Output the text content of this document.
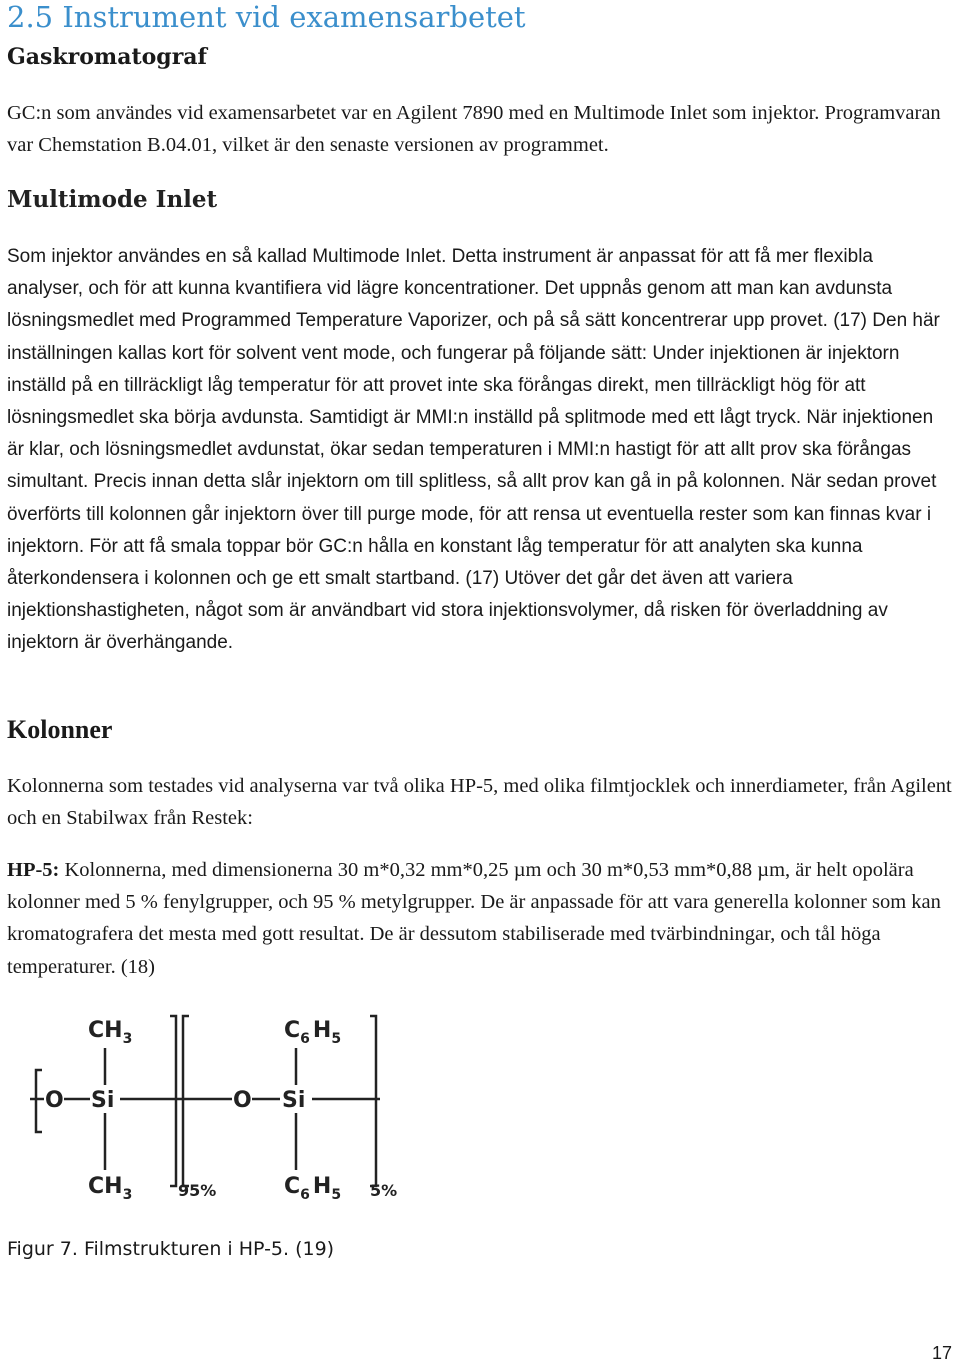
2.5 Instrument vid examensarbetet
Gaskromatograf

GC:n som användes vid examensarbetet var en Agilent 7890 med en Multimode Inlet som injektor. Programvaran var Chemstation B.04.01, vilket är den senaste versionen av programmet.

Multimode Inlet

Som injektor användes en så kallad Multimode Inlet. Detta instrument är anpassat för att få mer flexibla analyser, och för att kunna kvantifiera vid lägre koncentrationer. Det uppnås genom att man kan avdunsta lösningsmedlet med Programmed Temperature Vaporizer, och på så sätt koncentrerar upp provet. (17) Den här inställningen kallas kort för solvent vent mode, och fungerar på följande sätt: Under injektionen är injektorn inställd på en tillräckligt låg temperatur för att provet inte ska förångas direkt, men tillräckligt hög för att lösningsmedlet ska börja avdunsta. Samtidigt är MMI:n inställd på splitmode med ett lågt tryck. När injektionen är klar, och lösningsmedlet avdunstat, ökar sedan temperaturen i MMI:n hastigt för att allt prov ska förångas simultant. Precis innan detta slår injektorn om till splitless, så allt prov kan gå in på kolonnen. När sedan provet överförts till kolonnen går injektorn över till purge mode, för att rensa ut eventuella rester som kan finnas kvar i injektorn. För att få smala toppar bör GC:n hålla en konstant låg temperatur för att analyten ska kunna återkondensera i kolonnen och ge ett smalt startband. (17) Utöver det går det även att variera injektionshastigheten, något som är användbart vid stora injektionsvolymer, då risken för överladdning av injektorn är överhängande.

Kolonner

Kolonnerna som testades vid analyserna var två olika HP-5, med olika filmtjocklek och innerdiameter, från Agilent och en Stabilwax från Restek:

HP-5: Kolonnerna, med dimensionerna 30 m*0,32 mm*0,25 µm och 30 m*0,53 mm*0,88 µm, är helt opolära kolonner med 5 % fenylgrupper, och 95 % metylgrupper. De är anpassade för att vara generella kolonner som kan kromatografera det mesta med gott resultat. De är dessutom stabiliserade med tvärbindningar, och tål höga temperaturer. (18)

O Si
$CH_3$
$CH_3$	95%
O Si
$C_6$ $H_5$
$C_6$ $H_5$ 5%
Figur 7. Filmstrukturen i HP-5. (19)
17
